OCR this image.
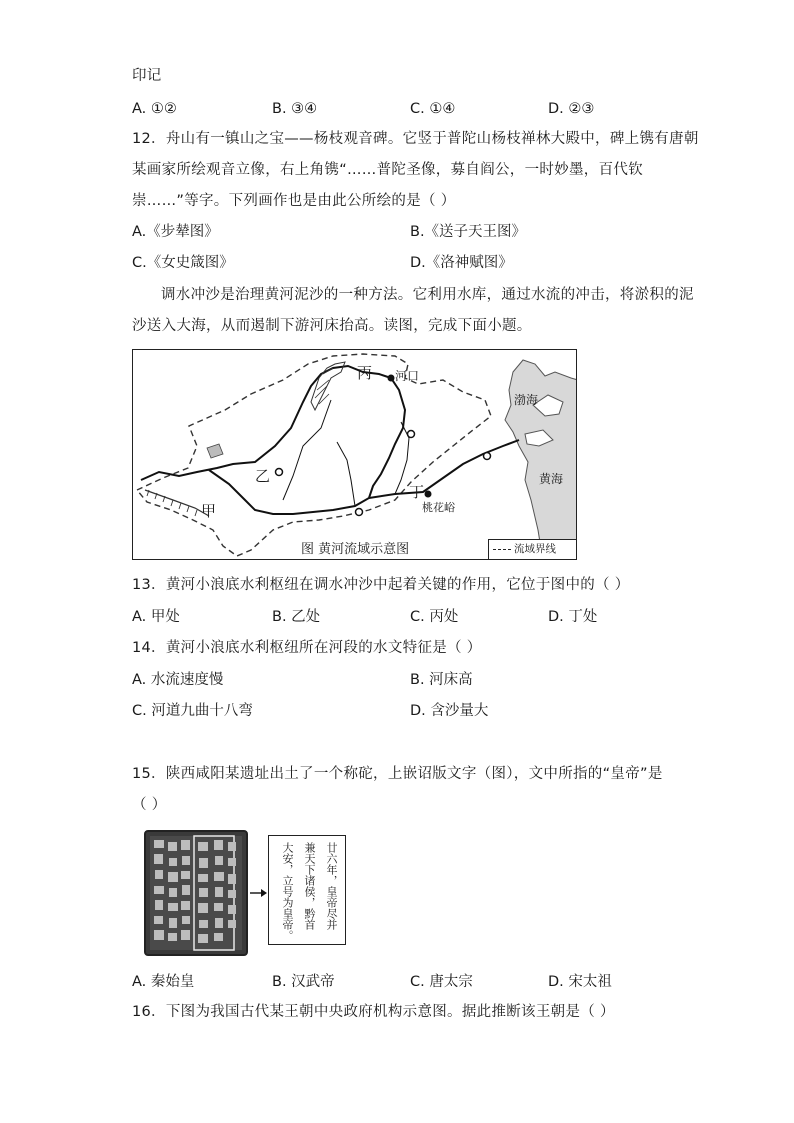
印记
A. ①②	B. ③④	C. ①④	D. ②③
12．舟山有一镇山之宝——杨枝观音碑。它竖于普陀山杨枝禅林大殿中，碑上镌有唐朝
某画家所绘观音立像，右上角镌“……普陀圣像，募自阎公，一时妙墨，百代钦
崇……”等字。下列画作也是由此公所绘的是（ ）
A.《步辇图》	B.《送子天王图》
C.《女史箴图》	D.《洛神赋图》
调水冲沙是治理黄河泥沙的一种方法。它利用水库，通过水流的冲击，将淤积的泥
沙送入大海，从而遏制下游河床抬高。读图，完成下面小题。
丙 河口
渤海
乙
丁
黄海
甲	桃花峪
图 黄河流域示意图	流域界线
13．黄河小浪底水利枢纽在调水冲沙中起着关键的作用，它位于图中的（ ）
A. 甲处	B. 乙处	C. 丙处	D. 丁处
14．黄河小浪底水利枢纽所在河段的水文特征是（ ）
A. 水流速度慢	B. 河床高
C. 河道九曲十八弯	D. 含沙量大
15．陕西咸阳某遗址出土了一个称砣，上嵌诏版文字（图），文中所指的“皇帝”是
（ ）
廿六年，皇帝尽并
兼天下诸侯，黔首
大安，立号为皇帝。
A. 秦始皇	B. 汉武帝	C. 唐太宗	D. 宋太祖
16．下图为我国古代某王朝中央政府机构示意图。据此推断该王朝是（ ）
